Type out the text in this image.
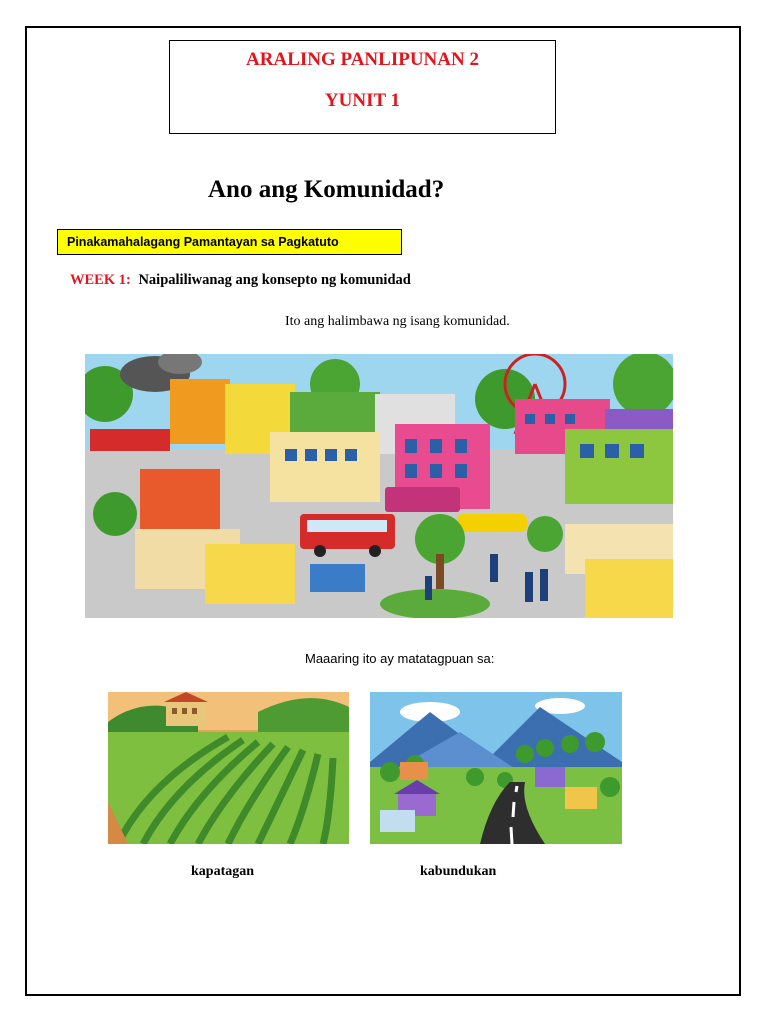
ARALING PANLIPUNAN 2
YUNIT 1
Ano ang Komunidad?
Pinakamahalagang Pamantayan sa Pagkatuto
WEEK 1: Naipaliliwanag ang konsepto ng komunidad
Ito ang halimbawa ng isang komunidad.
Maaaring ito ay matatagpuan sa:
kapatagan	kabundukan
